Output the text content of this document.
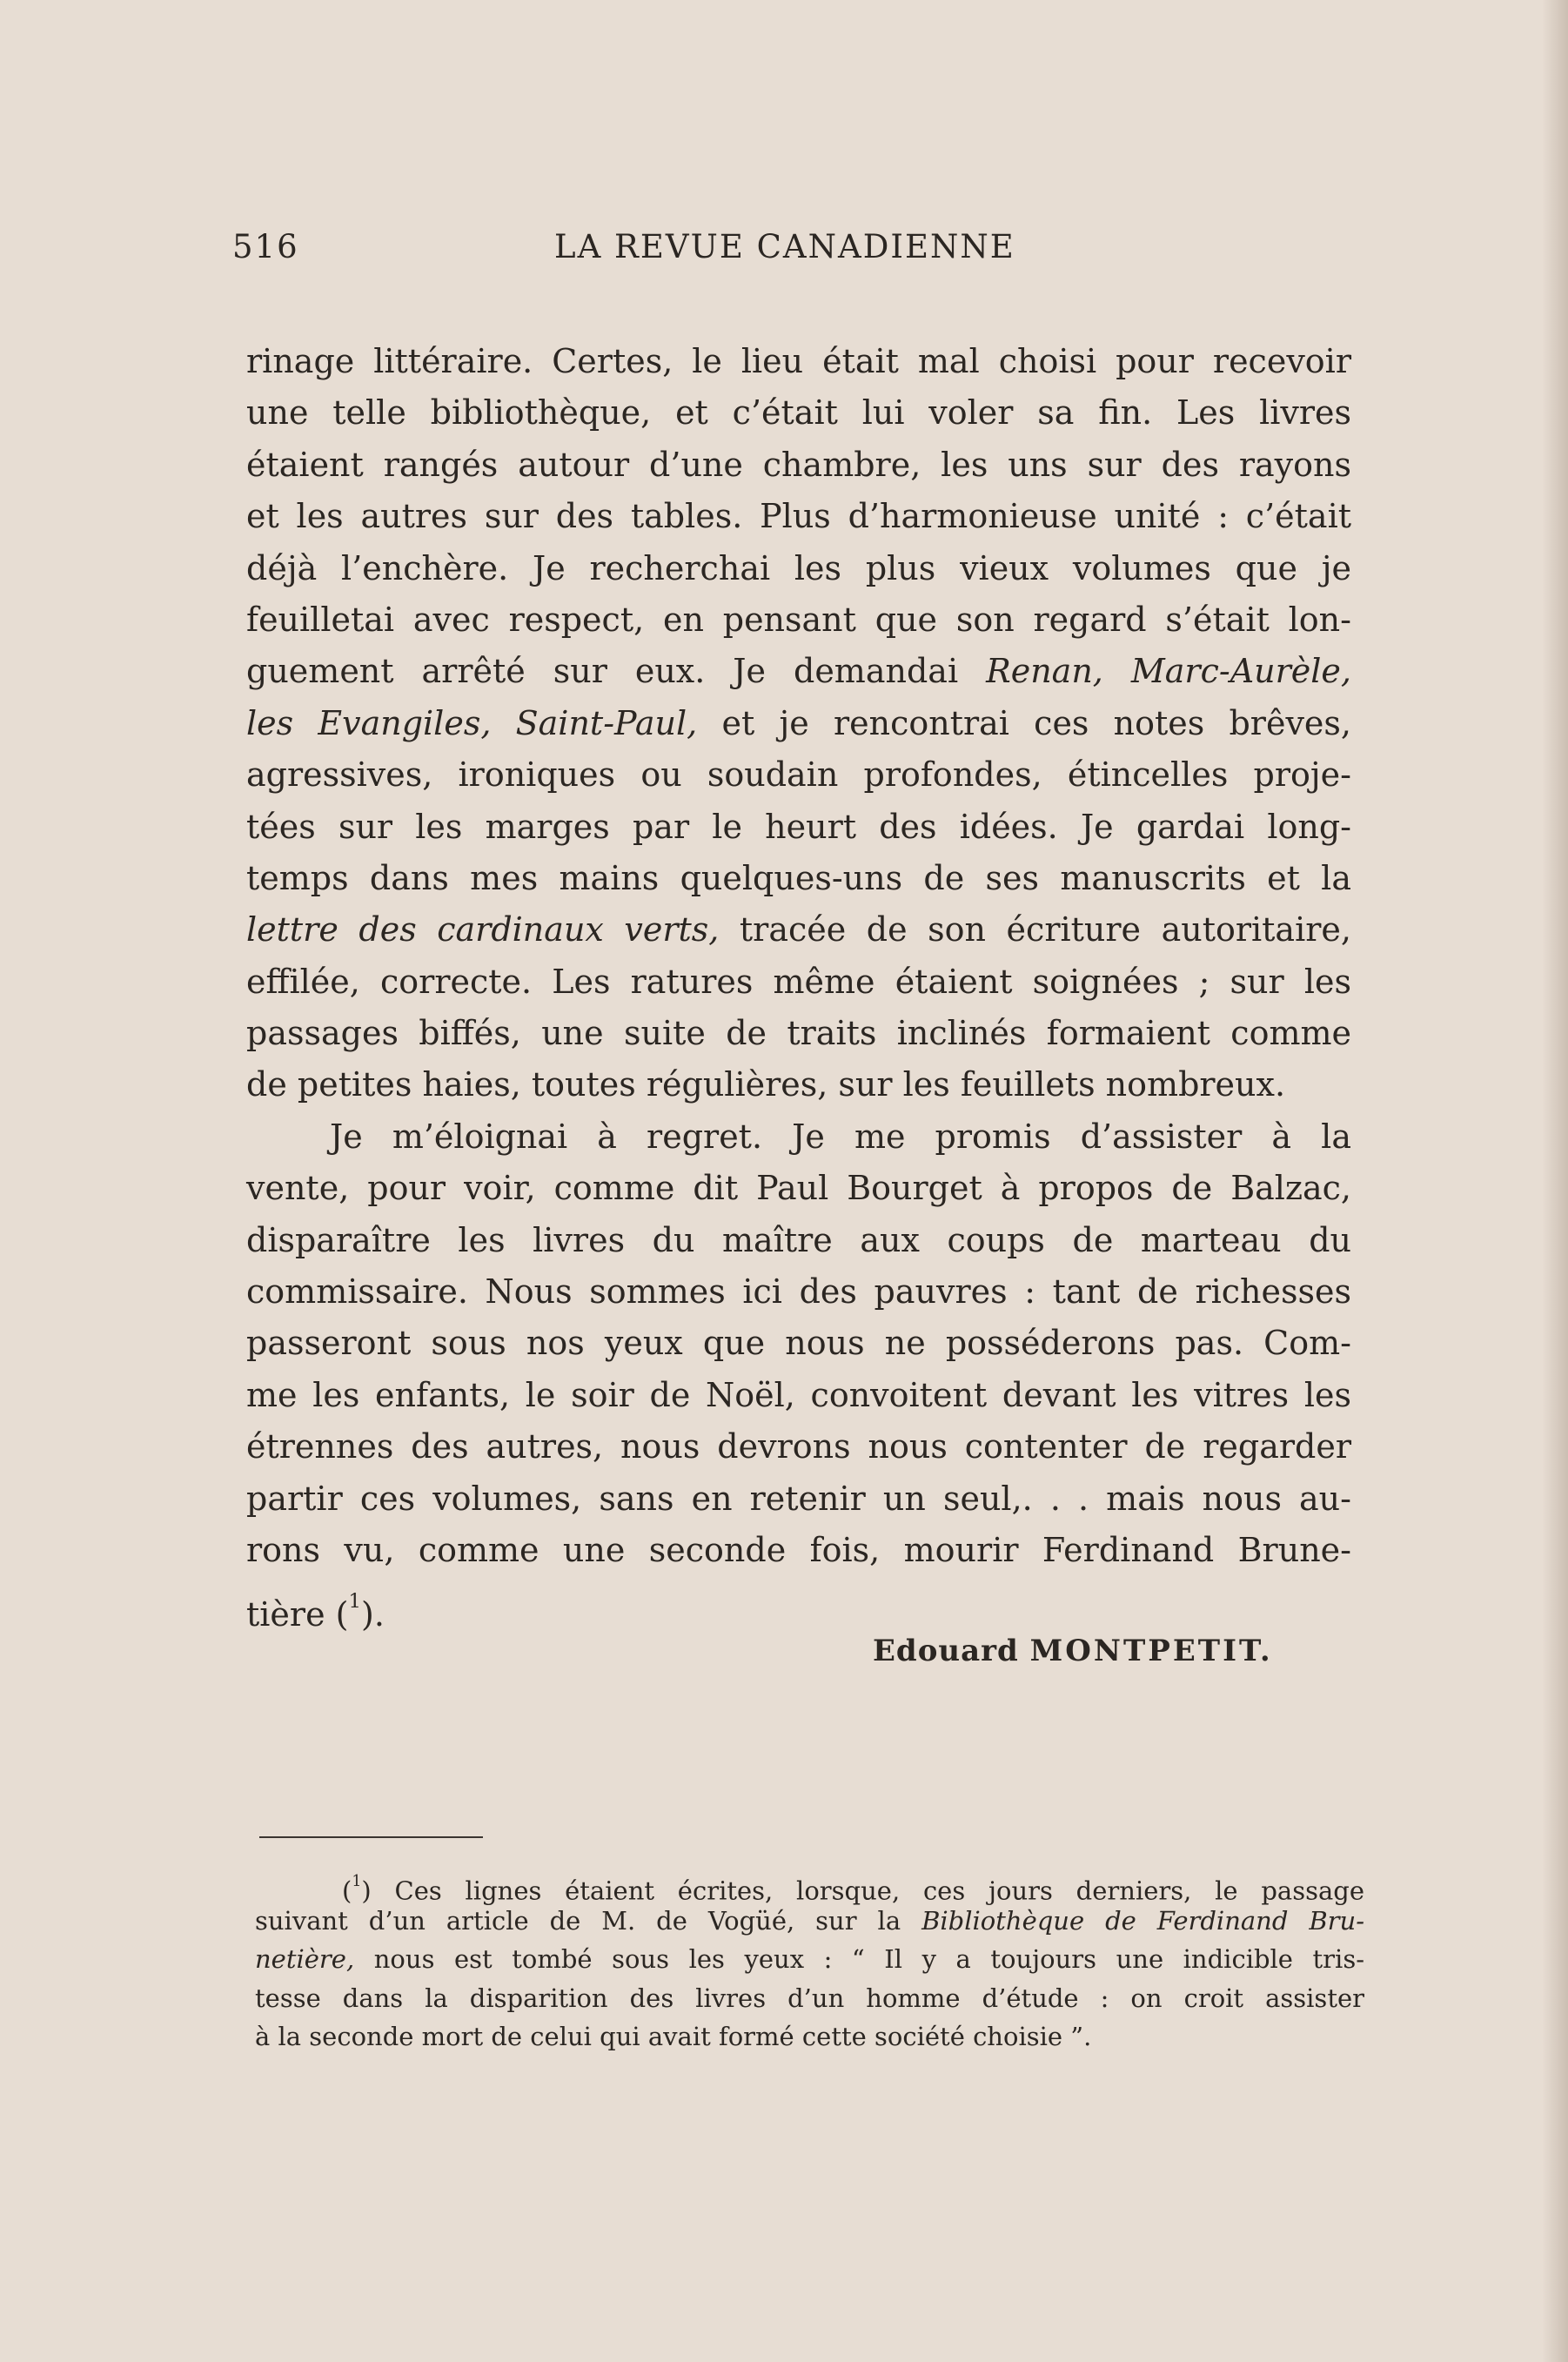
516	LA REVUE CANADIENNE
rinage littéraire. Certes, le lieu était mal choisi pour recevoir
une telle bibliothèque, et c’était lui voler sa fin. Les livres
étaient rangés autour d’une chambre, les uns sur des rayons
et les autres sur des tables. Plus d’harmonieuse unité : c’était
déjà l’enchère. Je recherchai les plus vieux volumes que je
feuilletai avec respect, en pensant que son regard s’était lon-
guement arrêté sur eux. Je demandai Renan, Marc-Aurèle,
les Evangiles, Saint-Paul, et je rencontrai ces notes brêves,
agressives, ironiques ou soudain profondes, étincelles proje-
tées sur les marges par le heurt des idées. Je gardai long-
temps dans mes mains quelques-uns de ses manuscrits et la
lettre des cardinaux verts, tracée de son écriture autoritaire,
effilée, correcte. Les ratures même étaient soignées ; sur les
passages biffés, une suite de traits inclinés formaient comme
de petites haies, toutes régulières, sur les feuillets nombreux.
Je m’éloignai à regret. Je me promis d’assister à la
vente, pour voir, comme dit Paul Bourget à propos de Balzac,
disparaître les livres du maître aux coups de marteau du
commissaire. Nous sommes ici des pauvres : tant de richesses
passeront sous nos yeux que nous ne posséderons pas. Com-
me les enfants, le soir de Noël, convoitent devant les vitres les
étrennes des autres, nous devrons nous contenter de regarder
partir ces volumes, sans en retenir un seul,. . . mais nous au-
rons vu, comme une seconde fois, mourir Ferdinand Brune-
tière ($^1$).
Edouard MONTPETIT.
($^1$) Ces lignes étaient écrites, lorsque, ces jours derniers, le passage
suivant d’un article de M. de Vogüé, sur la Bibliothèque de Ferdinand Bru-
netière, nous est tombé sous les yeux : “ Il y a toujours une indicible tris-
tesse dans la disparition des livres d’un homme d’étude : on croit assister
à la seconde mort de celui qui avait formé cette société choisie ”.
